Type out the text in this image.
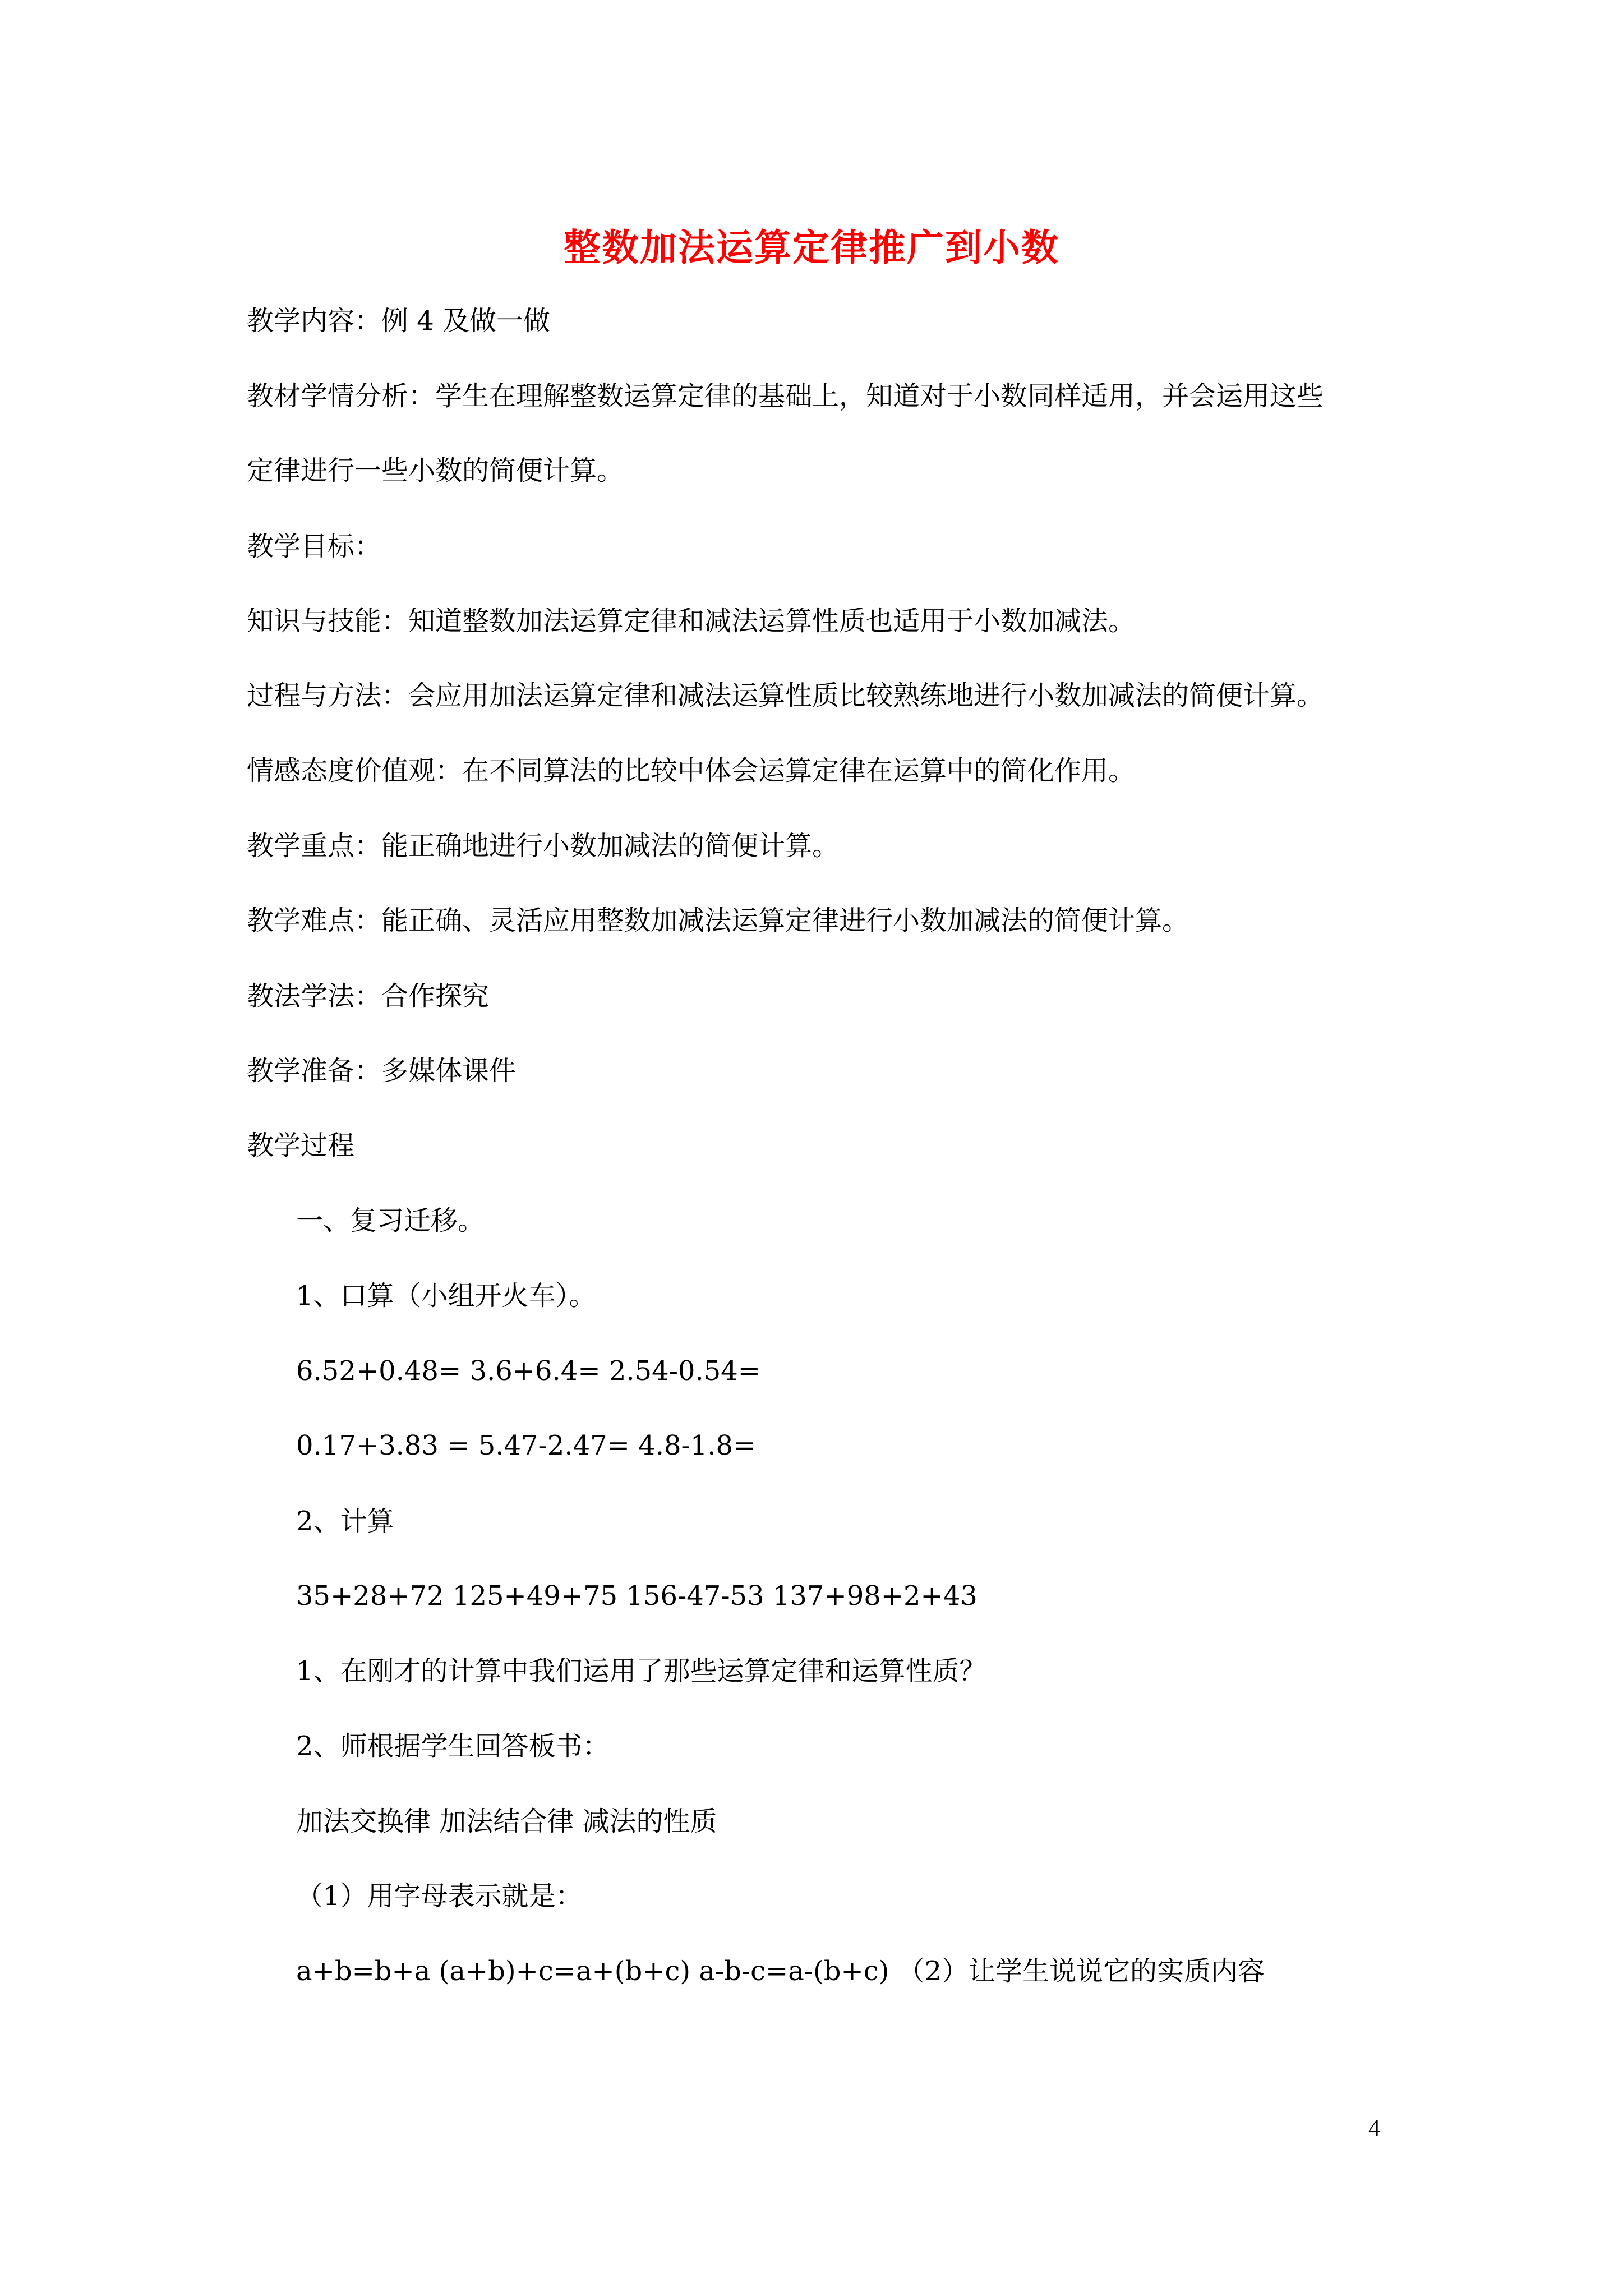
整数加法运算定律推广到小数
教学内容：例 4 及做一做
教材学情分析：学生在理解整数运算定律的基础上，知道对于小数同样适用，并会运用这些
定律进行一些小数的简便计算。
教学目标：
知识与技能：知道整数加法运算定律和减法运算性质也适用于小数加减法。
过程与方法：会应用加法运算定律和减法运算性质比较熟练地进行小数加减法的简便计算。
情感态度价值观：在不同算法的比较中体会运算定律在运算中的简化作用。
教学重点：能正确地进行小数加减法的简便计算。
教学难点：能正确、灵活应用整数加减法运算定律进行小数加减法的简便计算。
教法学法：合作探究
教学准备：多媒体课件
教学过程
一、复习迁移。
1、口算（小组开火车）。
6.52+0.48= 3.6+6.4= 2.54-0.54=
0.17+3.83 = 5.47-2.47= 4.8-1.8=
2、计算
35+28+72 125+49+75 156-47-53 137+98+2+43
1、在刚才的计算中我们运用了那些运算定律和运算性质？
2、师根据学生回答板书：
加法交换律 加法结合律 减法的性质
（1）用字母表示就是：
a+b=b+a (a+b)+c=a+(b+c) a-b-c=a-(b+c) （2）让学生说说它的实质内容
4
